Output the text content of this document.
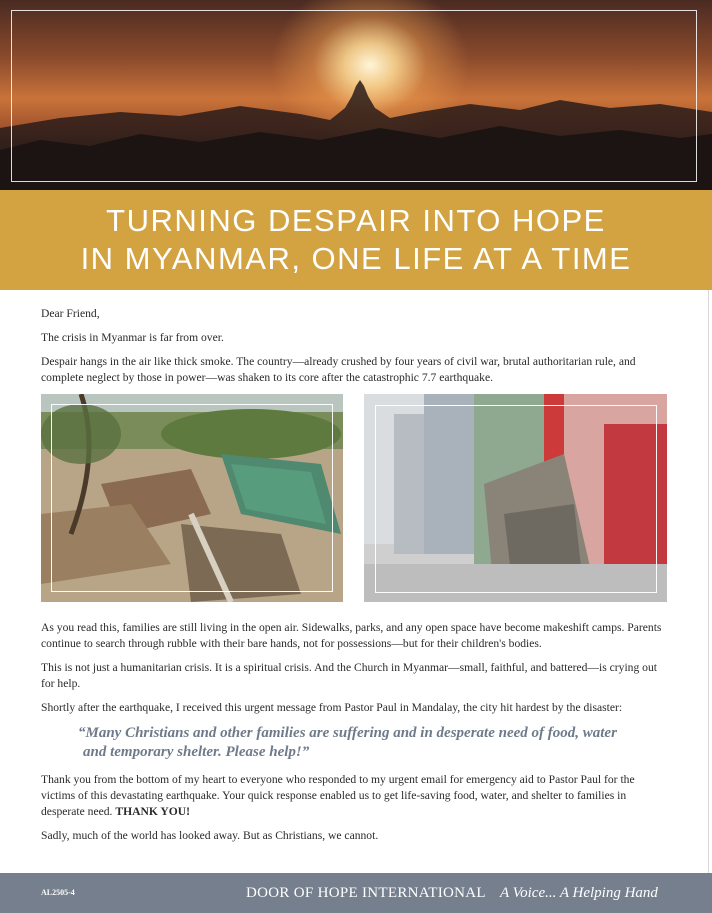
TURNING DESPAIR INTO HOPE
IN MYANMAR, ONE LIFE AT A TIME

Dear Friend,

The crisis in Myanmar is far from over.

Despair hangs in the air like thick smoke. The country—already crushed by four years of civil war, brutal authoritarian rule, and complete neglect by those in power—was shaken to its core after the catastrophic 7.7 earthquake.

As you read this, families are still living in the open air. Sidewalks, parks, and any open space have become makeshift camps. Parents continue to search through rubble with their bare hands, not for possessions—but for their children's bodies.

This is not just a humanitarian crisis. It is a spiritual crisis. And the Church in Myanmar—small, faithful, and battered—is crying out for help.

Shortly after the earthquake, I received this urgent message from Pastor Paul in Mandalay, the city hit hardest by the disaster:

“Many Christians and other families are suffering and in desperate need of food, water
and temporary shelter. Please help!”

Thank you from the bottom of my heart to everyone who responded to my urgent email for emergency aid to Pastor Paul for the victims of this devastating earthquake. Your quick response enabled us to get life-saving food, water, and shelter to families in desperate need. THANK YOU!

Sadly, much of the world has looked away. But as Christians, we cannot.

AL2505-4	DOOR OF HOPE INTERNATIONAL A Voice... A Helping Hand
